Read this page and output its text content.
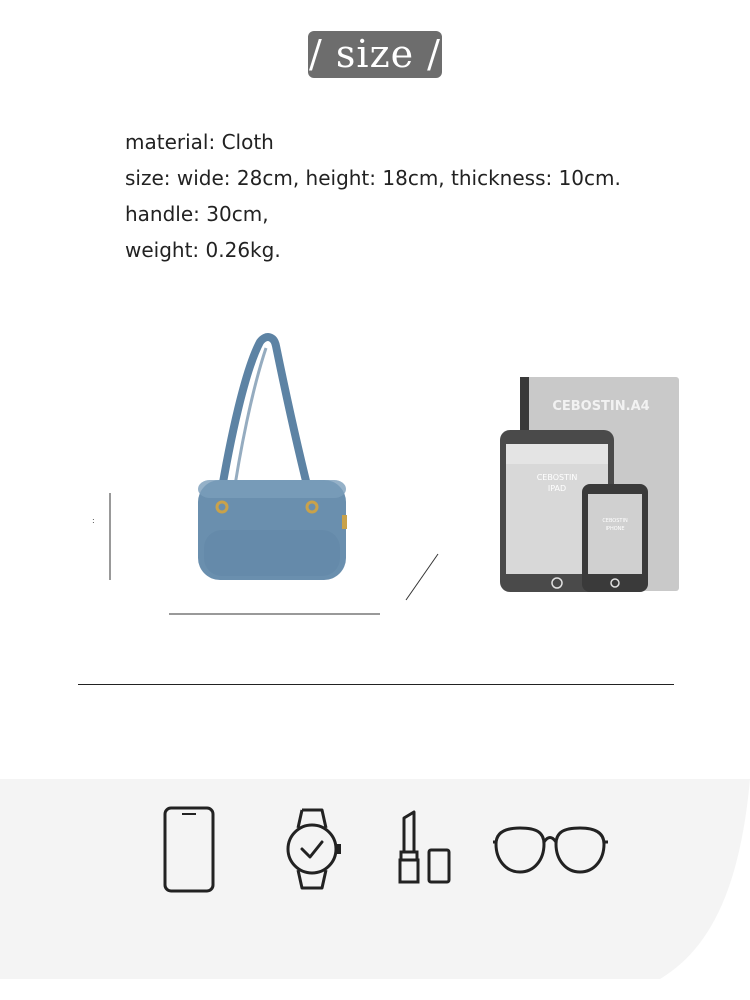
/ size /
material: Cloth
size: wide: 28cm, height: 18cm, thickness: 10cm.
handle: 30cm,
weight: 0.26kg.
:
CEBOSTIN.A4
CEBOSTIN
IPAD
CEBOSTIN
IPHONE
